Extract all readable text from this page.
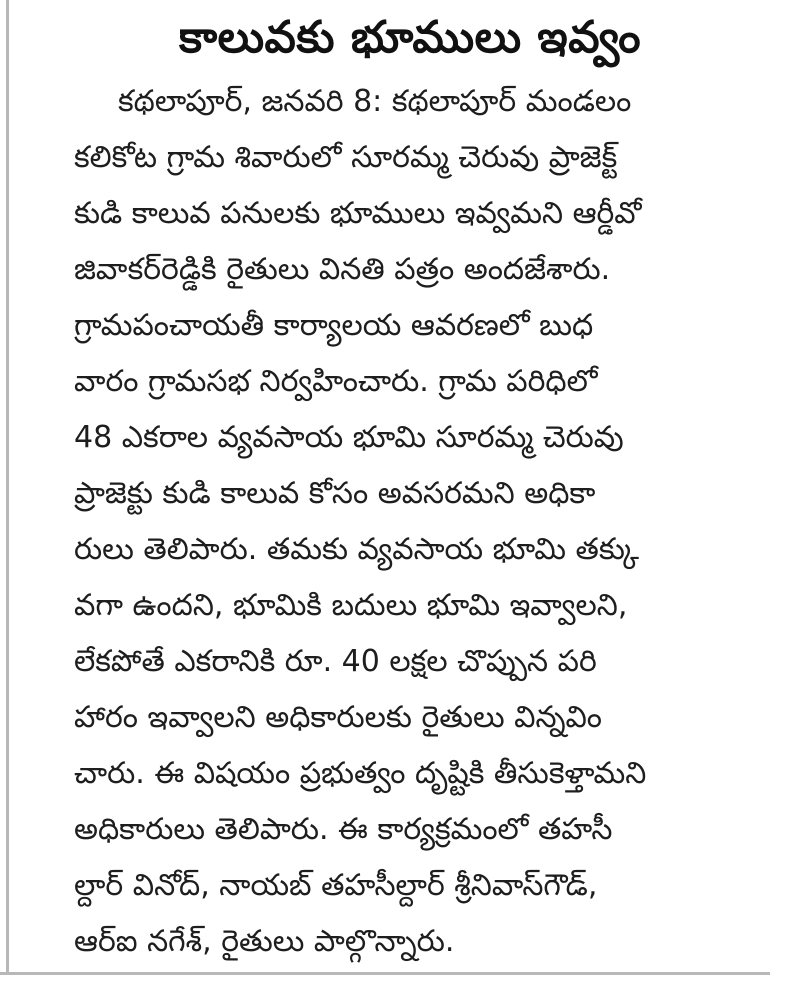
కాలువకు భూములు ఇవ్వం
కథలాపూర్, జనవరి 8: కథలాపూర్ మండలం
కలికోట గ్రామ శివారులో సూరమ్మ చెరువు ప్రాజెక్ట్
కుడి కాలువ పనులకు భూములు ఇవ్వమని ఆర్డీవో
జివాకర్‌రెడ్డికి రైతులు వినతి పత్రం అందజేశారు.
గ్రామపంచాయతీ కార్యాలయ ఆవరణలో బుధ
వారం గ్రామసభ నిర్వహించారు. గ్రామ పరిధిలో
48 ఎకరాల వ్యవసాయ భూమి సూరమ్మ చెరువు
ప్రాజెక్టు కుడి కాలువ కోసం అవసరమని అధికా
రులు తెలిపారు. తమకు వ్యవసాయ భూమి తక్కు
వగా ఉందని, భూమికి బదులు భూమి ఇవ్వాలని,
లేకపోతే ఎకరానికి రూ. 40 లక్షల చొప్పున పరి
హారం ఇవ్వాలని అధికారులకు రైతులు విన్నవిం
చారు. ఈ విషయం ప్రభుత్వం దృష్టికి తీసుకెళ్తామని
అధికారులు తెలిపారు. ఈ కార్యక్రమంలో తహసీ
ల్దార్ వినోద్, నాయబ్ తహసీల్దార్ శ్రీనివాస్‌గౌడ్,
ఆర్ఐ నగేశ్, రైతులు పాల్గొన్నారు.
